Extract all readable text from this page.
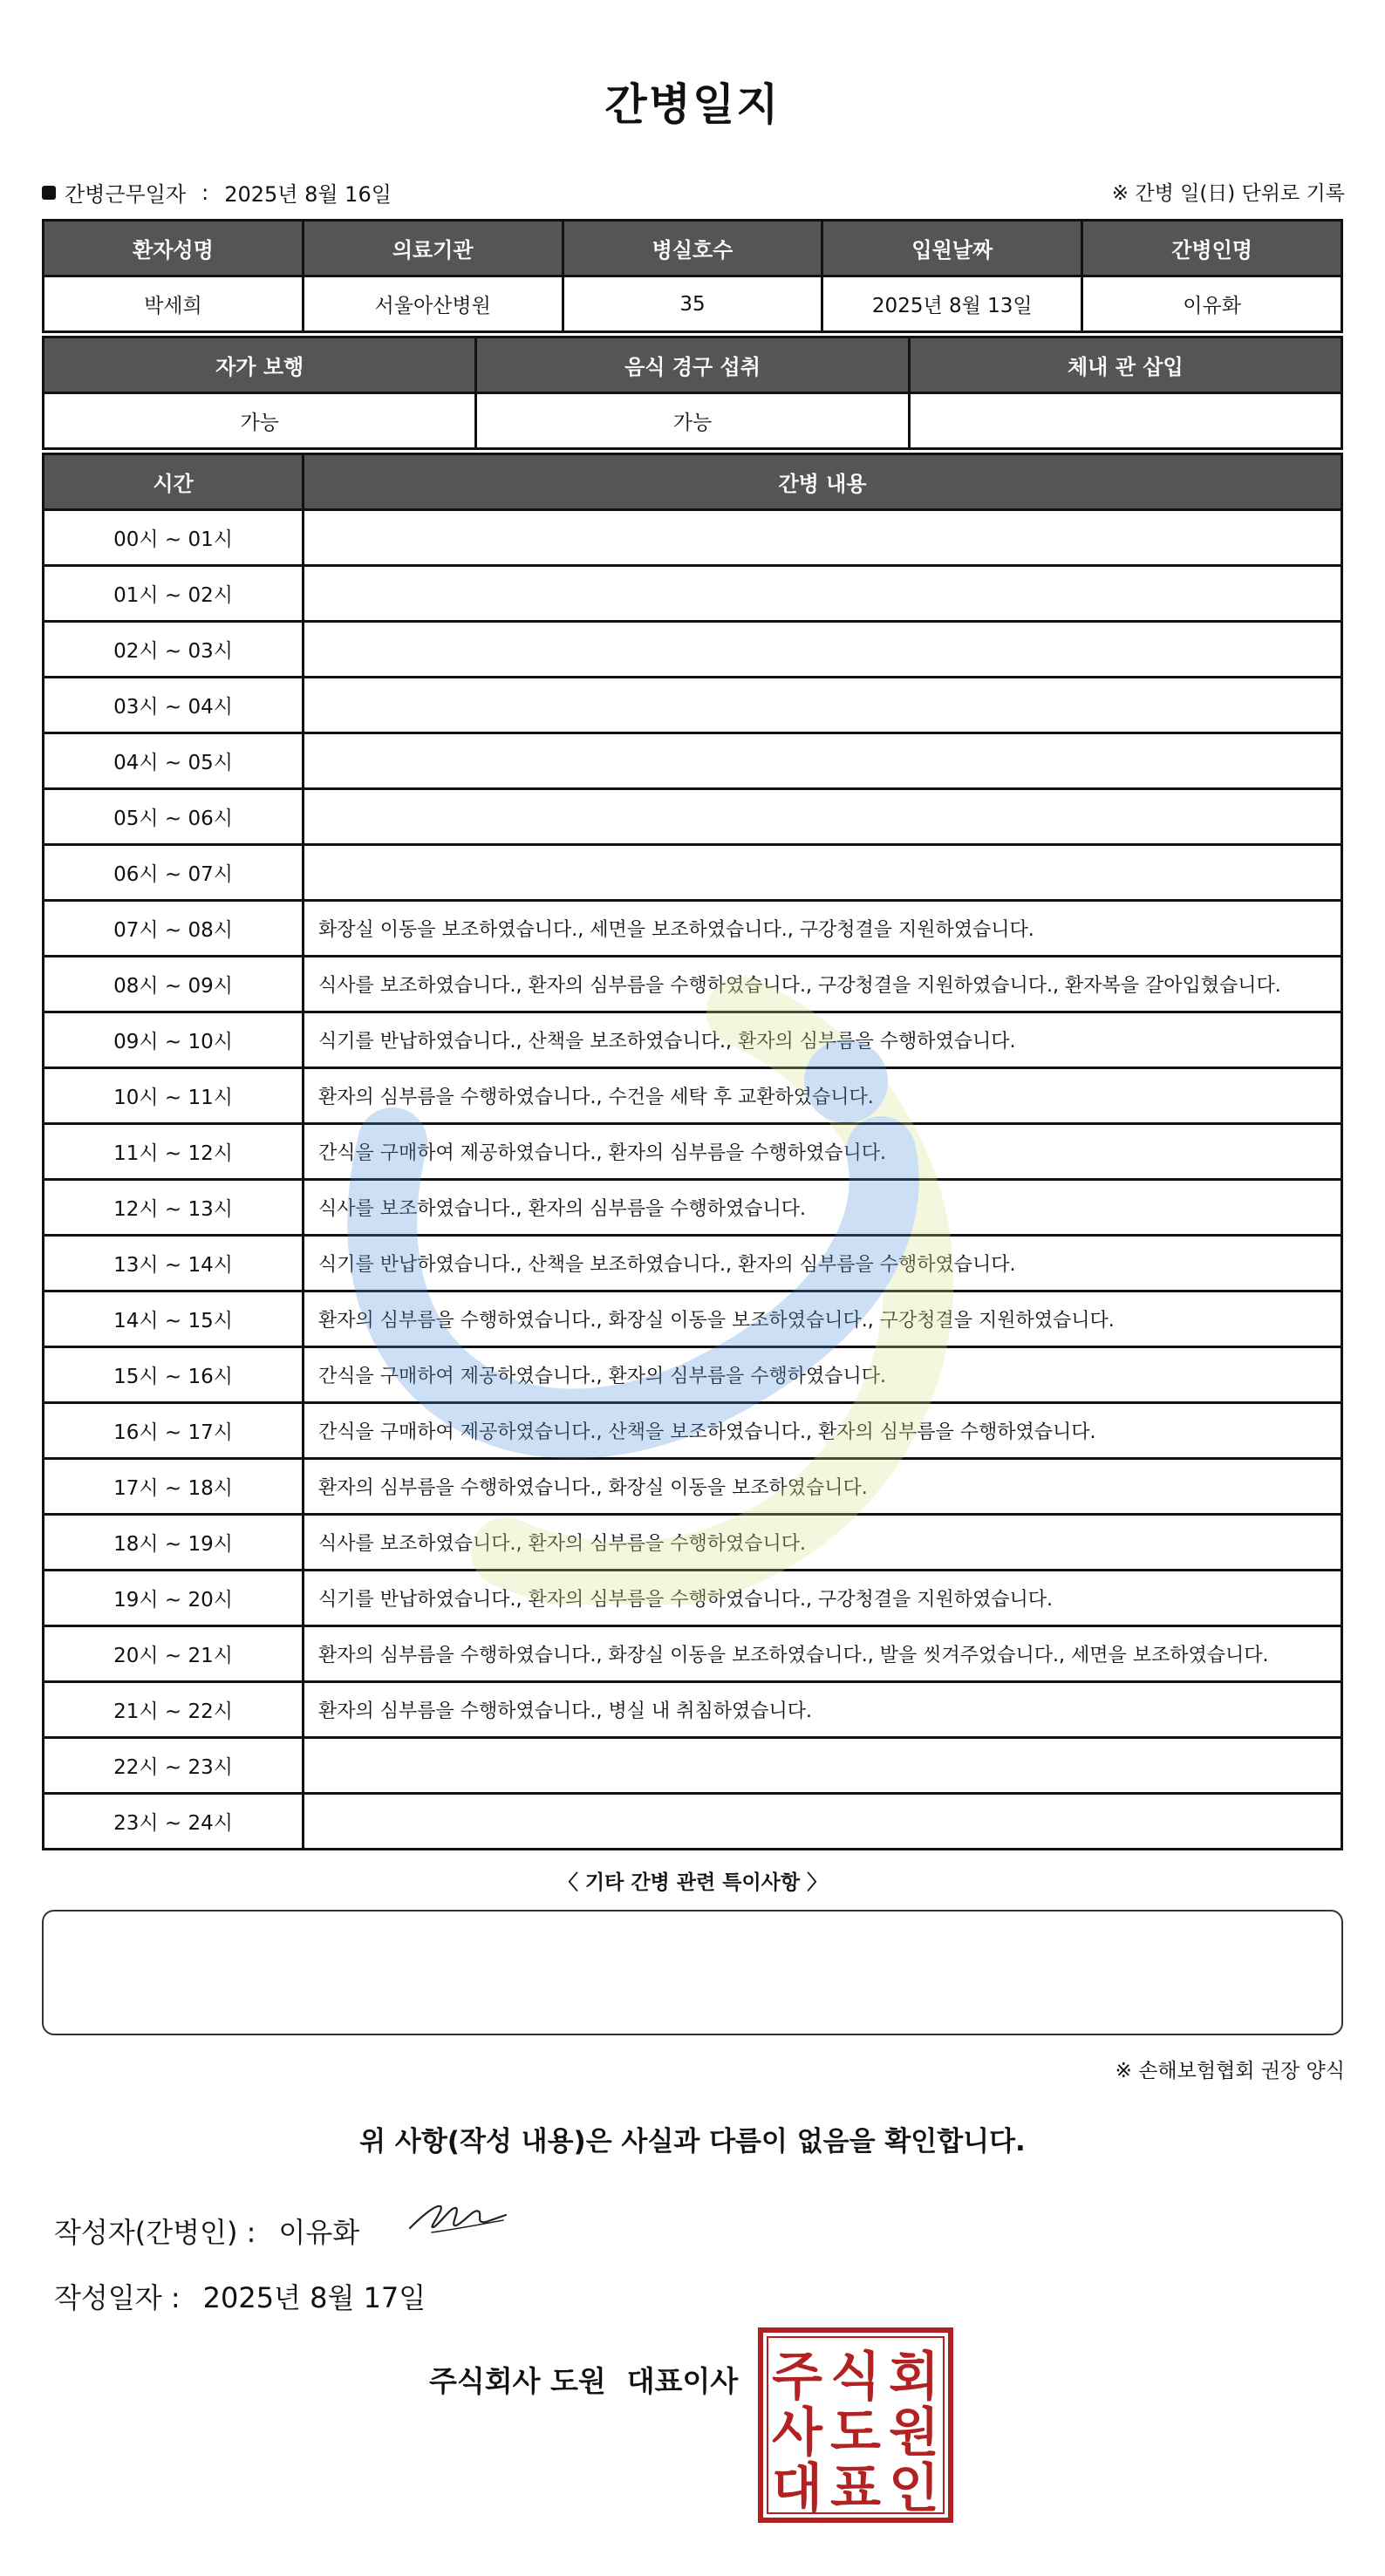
간병일지
간병근무일자 : 2025년 8월 16일	※ 간병 일(日) 단위로 기록
환자성명	의료기관	병실호수	입원날짜	간병인명
박세희	서울아산병원	35	2025년 8월 13일	이유화
자가 보행	음식 경구 섭취	체내 관 삽입
가능	가능	
시간	간병 내용
00시 ~ 01시	
01시 ~ 02시	
02시 ~ 03시	
03시 ~ 04시	
04시 ~ 05시	
05시 ~ 06시	
06시 ~ 07시	
07시 ~ 08시	화장실 이동을 보조하였습니다., 세면을 보조하였습니다., 구강청결을 지원하였습니다.
08시 ~ 09시	식사를 보조하였습니다., 환자의 심부름을 수행하였습니다., 구강청결을 지원하였습니다., 환자복을 갈아입혔습니다.
09시 ~ 10시	식기를 반납하였습니다., 산책을 보조하였습니다., 환자의 심부름을 수행하였습니다.
10시 ~ 11시	환자의 심부름을 수행하였습니다., 수건을 세탁 후 교환하였습니다.
11시 ~ 12시	간식을 구매하여 제공하였습니다., 환자의 심부름을 수행하였습니다.
12시 ~ 13시	식사를 보조하였습니다., 환자의 심부름을 수행하였습니다.
13시 ~ 14시	식기를 반납하였습니다., 산책을 보조하였습니다., 환자의 심부름을 수행하였습니다.
14시 ~ 15시	환자의 심부름을 수행하였습니다., 화장실 이동을 보조하였습니다., 구강청결을 지원하였습니다.
15시 ~ 16시	간식을 구매하여 제공하였습니다., 환자의 심부름을 수행하였습니다.
16시 ~ 17시	간식을 구매하여 제공하였습니다., 산책을 보조하였습니다., 환자의 심부름을 수행하였습니다.
17시 ~ 18시	환자의 심부름을 수행하였습니다., 화장실 이동을 보조하였습니다.
18시 ~ 19시	식사를 보조하였습니다., 환자의 심부름을 수행하였습니다.
19시 ~ 20시	식기를 반납하였습니다., 환자의 심부름을 수행하였습니다., 구강청결을 지원하였습니다.
20시 ~ 21시	환자의 심부름을 수행하였습니다., 화장실 이동을 보조하였습니다., 발을 씻겨주었습니다., 세면을 보조하였습니다.
21시 ~ 22시	환자의 심부름을 수행하였습니다., 병실 내 취침하였습니다.
22시 ~ 23시	
23시 ~ 24시	
〈 기타 간병 관련 특이사항 〉
※ 손해보험협회 권장 양식
위 사항(작성 내용)은 사실과 다름이 없음을 확인합니다.
작성자(간병인) : 이유화
작성일자 : 2025년 8월 17일
주식회사 도원 대표이사 주 식 회
사 도 원
대 표 인
